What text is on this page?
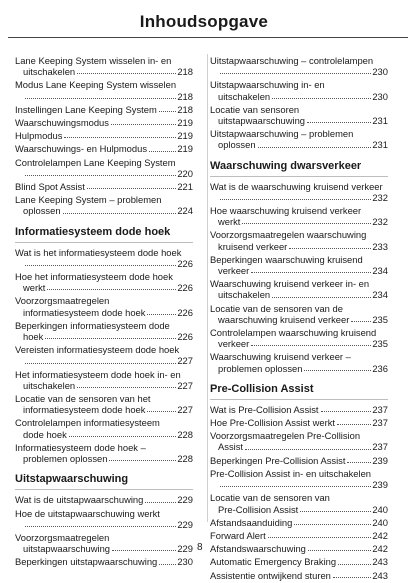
Inhoudsopgave
Lane Keeping System wisselen in- en
uitschakelen	218
Modus Lane Keeping System wisselen
218
Instellingen Lane Keeping System 218
Waarschuwingsmodus	219
Hulpmodus	219
Waarschuwings- en Hulpmodus	219
Controlelampen Lane Keeping System
220
Blind Spot Assist	221
Lane Keeping System – problemen
oplossen	224
Informatiesysteem dode hoek
Wat is het informatiesysteem dode hoek
226
Hoe het informatiesysteem dode hoek
werkt	226
Voorzorgsmaatregelen
informatiesysteem dode hoek	226
Beperkingen informatiesysteem dode
hoek	226
Vereisten informatiesysteem dode hoek
227
Het informatiesysteem dode hoek in- en
uitschakelen	227
Locatie van de sensoren van het
informatiesysteem dode hoek	227
Controlelampen informatiesysteem
dode hoek	228
Informatiesysteem dode hoek –
problemen oplossen	228
Uitstapwaarschuwing
Wat is de uitstapwaarschuwing	229
Hoe de uitstapwaarschuwing werkt
229
Voorzorgsmaatregelen
uitstapwaarschuwing	229
Beperkingen uitstapwaarschuwing 230
Uitstapwaarschuwing – controlelampen
230
Uitstapwaarschuwing in- en
uitschakelen	230
Locatie van sensoren
uitstapwaarschuwing	231
Uitstapwaarschuwing – problemen
oplossen	231
Waarschuwing dwarsverkeer
Wat is de waarschuwing kruisend verkeer
232
Hoe waarschuwing kruisend verkeer
werkt	232
Voorzorgsmaatregelen waarschuwing
kruisend verkeer	233
Beperkingen waarschuwing kruisend
verkeer	234
Waarschuwing kruisend verkeer in- en
uitschakelen	234
Locatie van de sensoren van de
waarschuwing kruisend verkeer 235
Controlelampen waarschuwing kruisend
verkeer	235
Waarschuwing kruisend verkeer –
problemen oplossen	236
Pre-Collision Assist
Wat is Pre-Collision Assist	237
Hoe Pre-Collision Assist werkt	237
Voorzorgsmaatregelen Pre-Collision
Assist	237
Beperkingen Pre-Collision Assist	239
Pre-Collision Assist in- en uitschakelen
239
Locatie van de sensoren van
Pre-Collision Assist	240
Afstandsaanduiding	240
Forward Alert	242
Afstandswaarschuwing	242
Automatic Emergency Braking	243
Assistentie ontwijkend sturen	243
8
